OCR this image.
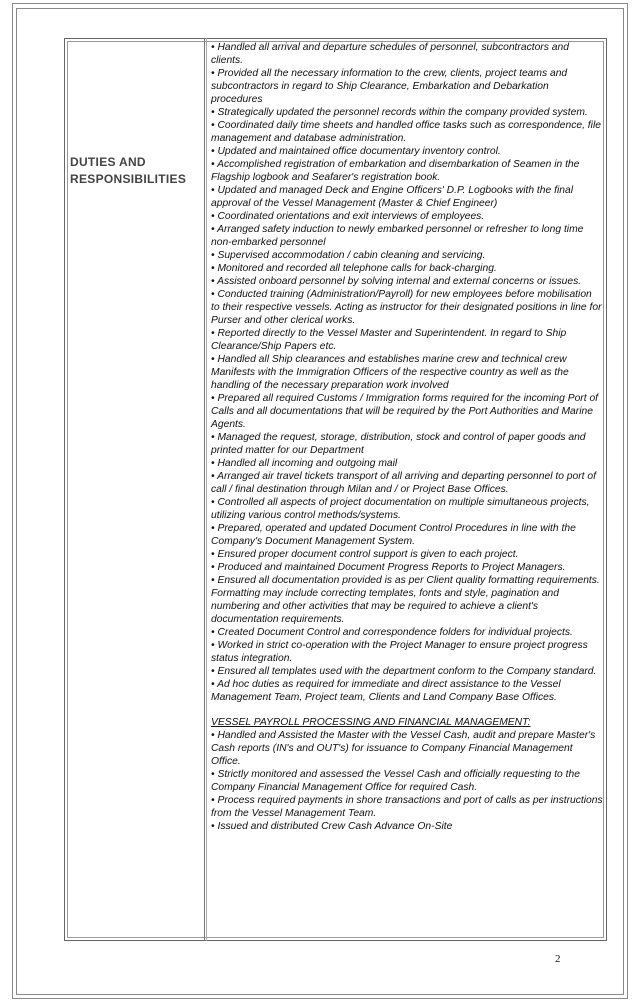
DUTIES AND RESPONSIBILITIES

• Handled all arrival and departure schedules of personnel, subcontractors and clients.

• Provided all the necessary information to the crew, clients, project teams and subcontractors in regard to Ship Clearance, Embarkation and Debarkation procedures

• Strategically updated the personnel records within the company provided system.

• Coordinated daily time sheets and handled office tasks such as correspondence, file management and database administration.

• Updated and maintained office documentary inventory control.

• Accomplished registration of embarkation and disembarkation of Seamen in the Flagship logbook and Seafarer's registration book.

• Updated and managed Deck and Engine Officers' D.P. Logbooks with the final approval of the Vessel Management (Master & Chief Engineer)

• Coordinated orientations and exit interviews of employees.

• Arranged safety induction to newly embarked personnel or refresher to long time non-embarked personnel

• Supervised accommodation / cabin cleaning and servicing.

• Monitored and recorded all telephone calls for back-charging.

• Assisted onboard personnel by solving internal and external concerns or issues.

• Conducted training (Administration/Payroll) for new employees before mobilisation to their respective vessels. Acting as instructor for their designated positions in line for Purser and other clerical works.

• Reported directly to the Vessel Master and Superintendent. In regard to Ship Clearance/Ship Papers etc.

• Handled all Ship clearances and establishes marine crew and technical crew Manifests with the Immigration Officers of the respective country as well as the handling of the necessary preparation work involved

• Prepared all required Customs / Immigration forms required for the incoming Port of Calls and all documentations that will be required by the Port Authorities and Marine Agents.

• Managed the request, storage, distribution, stock and control of paper goods and printed matter for our Department

• Handled all incoming and outgoing mail

• Arranged air travel tickets transport of all arriving and departing personnel to port of call / final destination through Milan and / or Project Base Offices.

• Controlled all aspects of project documentation on multiple simultaneous projects, utilizing various control methods/systems.

• Prepared, operated and updated Document Control Procedures in line with the Company's Document Management System.

• Ensured proper document control support is given to each project.

• Produced and maintained Document Progress Reports to Project Managers.

• Ensured all documentation provided is as per Client quality formatting requirements. Formatting may include correcting templates, fonts and style, pagination and numbering and other activities that may be required to achieve a client's documentation requirements.

• Created Document Control and correspondence folders for individual projects.

• Worked in strict co-operation with the Project Manager to ensure project progress status integration.

• Ensured all templates used with the department conform to the Company standard.

• Ad hoc duties as required for immediate and direct assistance to the Vessel Management Team, Project team, Clients and Land Company Base Offices.

VESSEL PAYROLL PROCESSING AND FINANCIAL MANAGEMENT:

• Handled and Assisted the Master with the Vessel Cash, audit and prepare Master's Cash reports (IN's and OUT's) for issuance to Company Financial Management Office.

• Strictly monitored and assessed the Vessel Cash and officially requesting to the Company Financial Management Office for required Cash.

• Process required payments in shore transactions and port of calls as per instructions from the Vessel Management Team.

• Issued and distributed Crew Cash Advance On-Site

2
